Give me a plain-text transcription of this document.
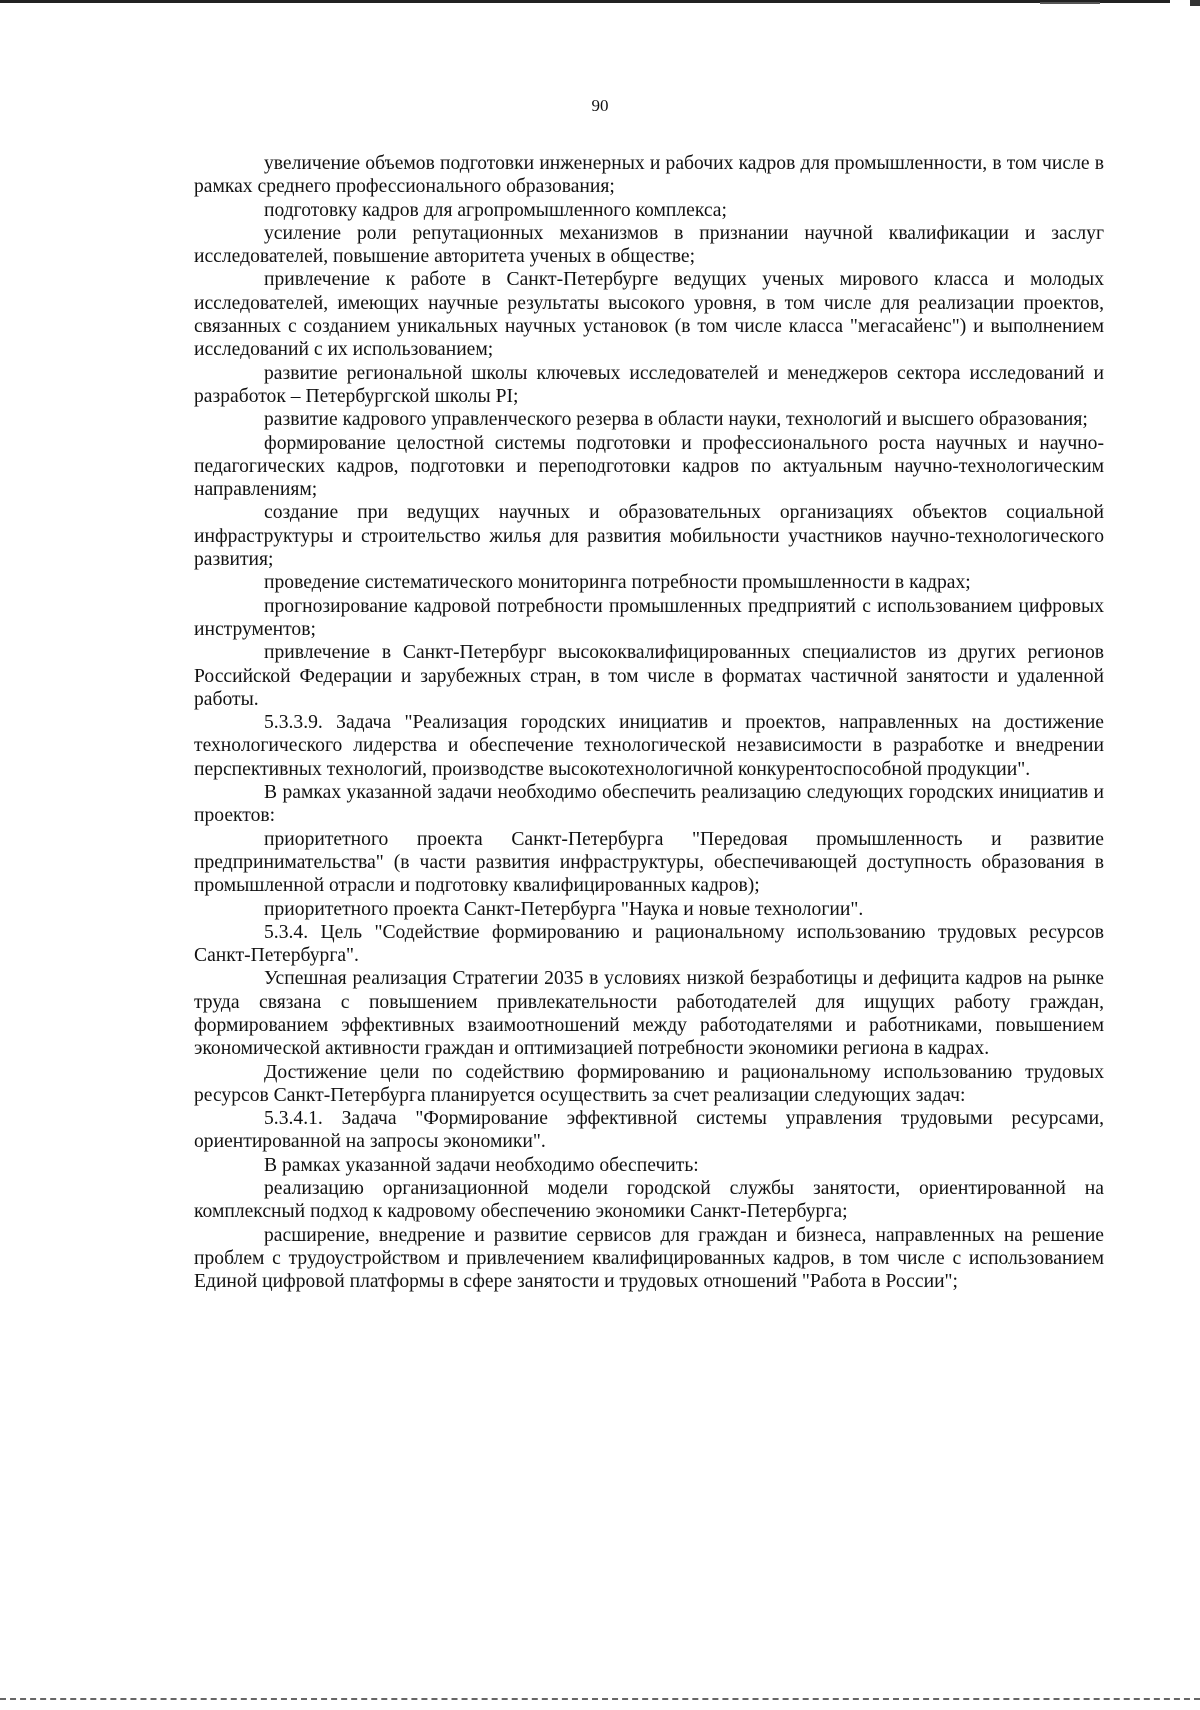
90

увеличение объемов подготовки инженерных и рабочих кадров для промышленности, в том числе в рамках среднего профессионального образования;

подготовку кадров для агропромышленного комплекса;

усиление роли репутационных механизмов в признании научной квалификации и заслуг исследователей, повышение авторитета ученых в обществе;

привлечение к работе в Санкт-Петербурге ведущих ученых мирового класса и молодых исследователей, имеющих научные результаты высокого уровня, в том числе для реализации проектов, связанных с созданием уникальных научных установок (в том числе класса "мегасайенс") и выполнением исследований с их использованием;

развитие региональной школы ключевых исследователей и менеджеров сектора исследований и разработок – Петербургской школы PI;

развитие кадрового управленческого резерва в области науки, технологий и высшего образования;

формирование целостной системы подготовки и профессионального роста научных и научно-педагогических кадров, подготовки и переподготовки кадров по актуальным научно-технологическим направлениям;

создание при ведущих научных и образовательных организациях объектов социальной инфраструктуры и строительство жилья для развития мобильности участников научно-технологического развития;

проведение систематического мониторинга потребности промышленности в кадрах;

прогнозирование кадровой потребности промышленных предприятий с использованием цифровых инструментов;

привлечение в Санкт-Петербург высококвалифицированных специалистов из других регионов Российской Федерации и зарубежных стран, в том числе в форматах частичной занятости и удаленной работы.

5.3.3.9. Задача "Реализация городских инициатив и проектов, направленных на достижение технологического лидерства и обеспечение технологической независимости в разработке и внедрении перспективных технологий, производстве высокотехнологичной конкурентоспособной продукции".

В рамках указанной задачи необходимо обеспечить реализацию следующих городских инициатив и проектов:

приоритетного проекта Санкт-Петербурга "Передовая промышленность и развитие предпринимательства" (в части развития инфраструктуры, обеспечивающей доступность образования в промышленной отрасли и подготовку квалифицированных кадров);

приоритетного проекта Санкт-Петербурга "Наука и новые технологии".

5.3.4. Цель "Содействие формированию и рациональному использованию трудовых ресурсов Санкт-Петербурга".

Успешная реализация Стратегии 2035 в условиях низкой безработицы и дефицита кадров на рынке труда связана с повышением привлекательности работодателей для ищущих работу граждан, формированием эффективных взаимоотношений между работодателями и работниками, повышением экономической активности граждан и оптимизацией потребности экономики региона в кадрах.

Достижение цели по содействию формированию и рациональному использованию трудовых ресурсов Санкт-Петербурга планируется осуществить за счет реализации следующих задач:

5.3.4.1. Задача "Формирование эффективной системы управления трудовыми ресурсами, ориентированной на запросы экономики".

В рамках указанной задачи необходимо обеспечить:

реализацию организационной модели городской службы занятости, ориентированной на комплексный подход к кадровому обеспечению экономики Санкт-Петербурга;

расширение, внедрение и развитие сервисов для граждан и бизнеса, направленных на решение проблем с трудоустройством и привлечением квалифицированных кадров, в том числе с использованием Единой цифровой платформы в сфере занятости и трудовых отношений "Работа в России";
